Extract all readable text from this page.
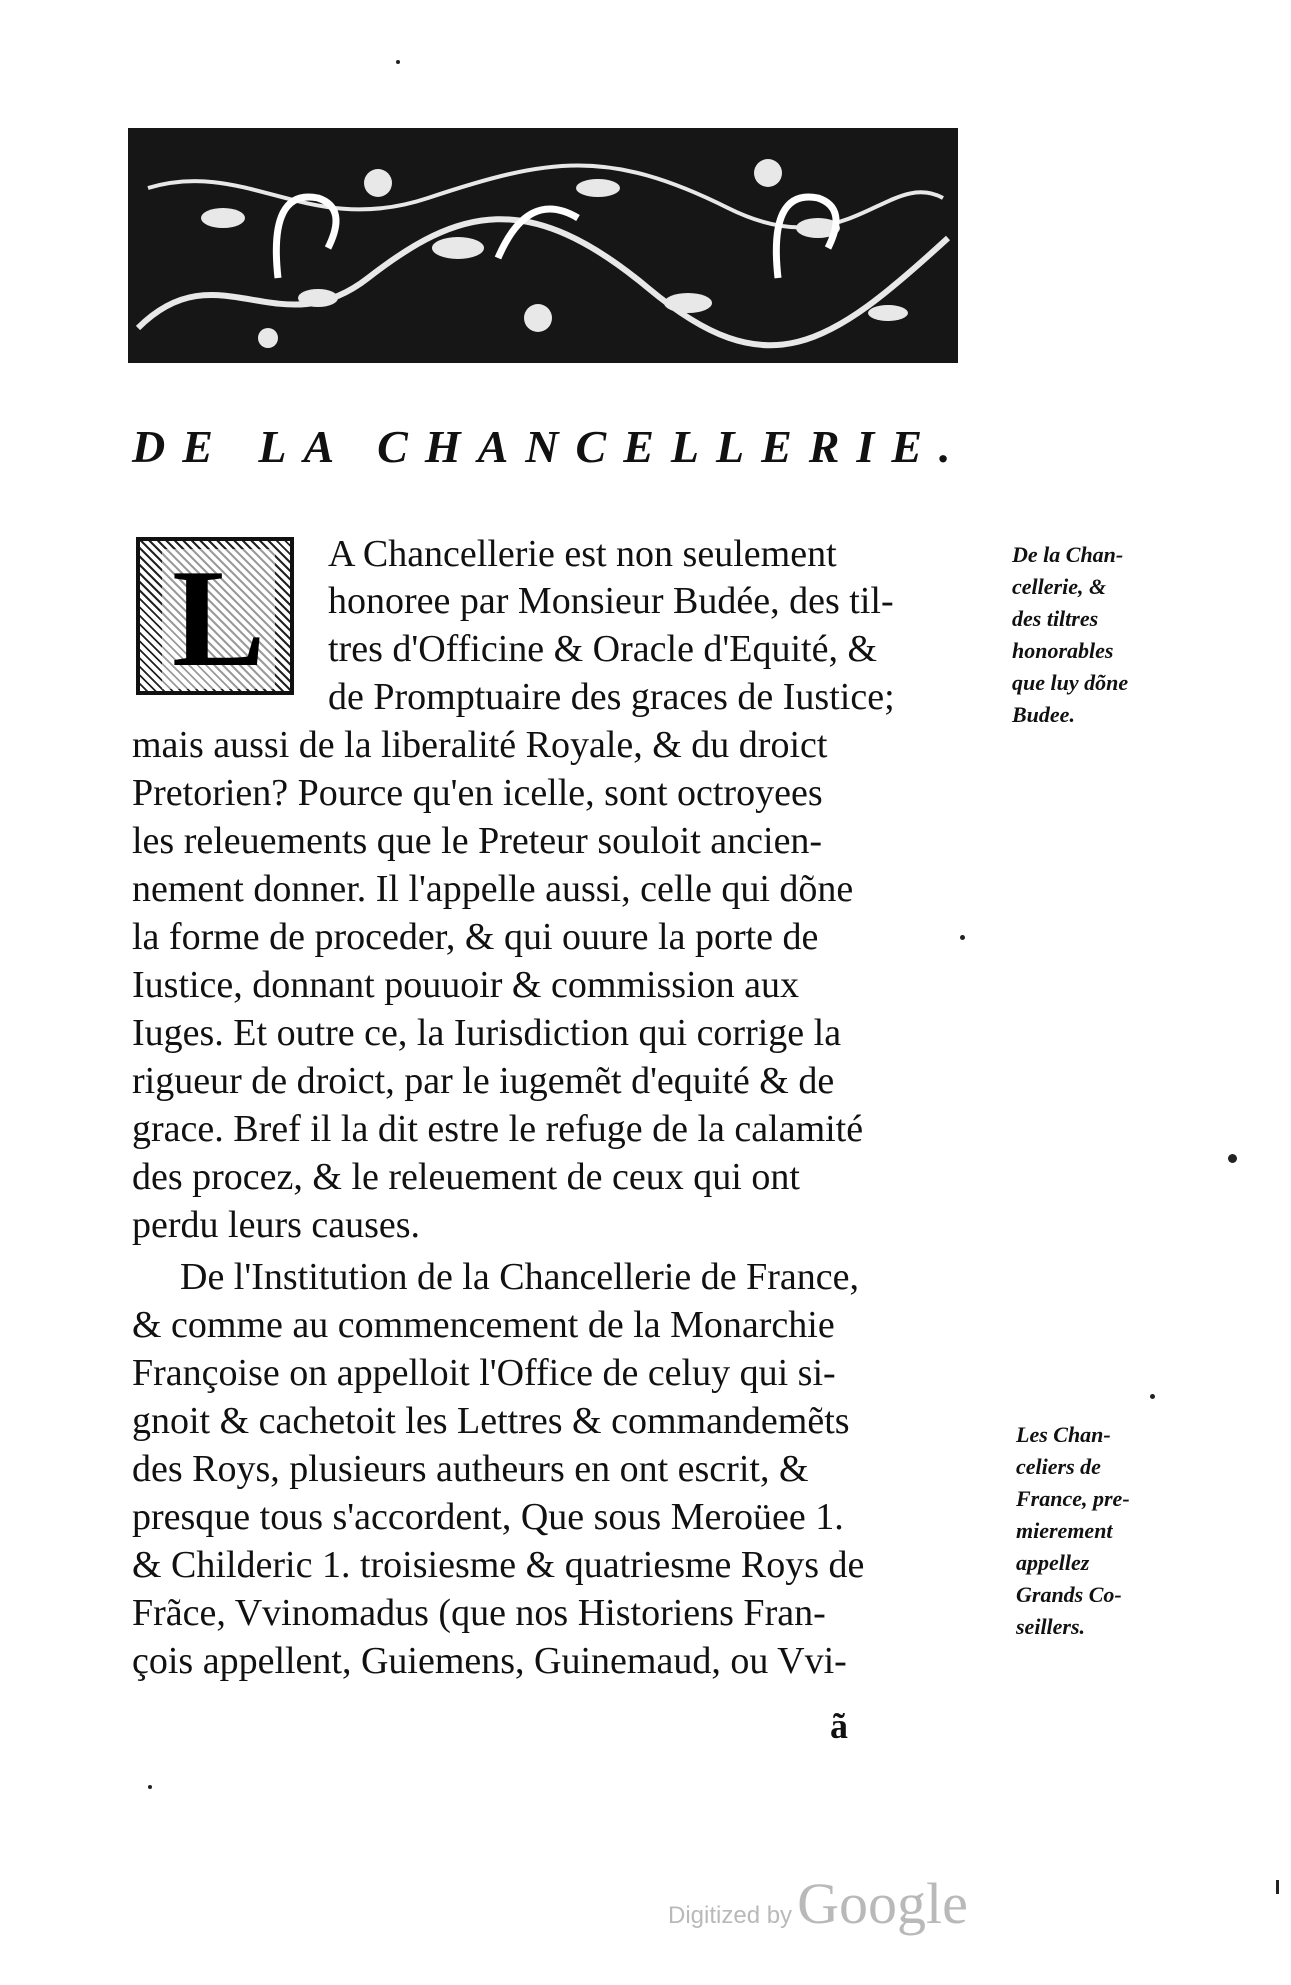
DE LA CHANCELLERIE.
L A Chancellerie est non seulement
honoree par Monsieur Budée, des til-
tres d'Officine & Oracle d'Equité, &
de Promptuaire des graces de Iustice;
mais aussi de la liberalité Royale, & du droict
Pretorien? Pource qu'en icelle, sont octroyees
les releuements que le Preteur souloit ancien-
nement donner. Il l'appelle aussi, celle qui dõne
la forme de proceder, & qui ouure la porte de
Iustice, donnant pouuoir & commission aux
Iuges. Et outre ce, la Iurisdiction qui corrige la
rigueur de droict, par le iugemẽt d'equité & de
grace. Bref il la dit estre le refuge de la calamité
des procez, & le releuement de ceux qui ont
perdu leurs causes.
De l'Institution de la Chancellerie de France,
& comme au commencement de la Monarchie
Françoise on appelloit l'Office de celuy qui si-
gnoit & cachetoit les Lettres & commandemẽts
des Roys, plusieurs autheurs en ont escrit, &
presque tous s'accordent, Que sous Meroüee 1.
& Childeric 1. troisiesme & quatriesme Roys de
Frãce, Vvinomadus (que nos Historiens Fran-
çois appellent, Guiemens, Guinemaud, ou Vvi-
De la Chan-
cellerie, &
des tiltres
honorables
que luy dõne
Budee.
Les Chan-
celiers de
France, pre-
mierement
appellez
Grands Co-
seillers.
ã
Digitized by Google
